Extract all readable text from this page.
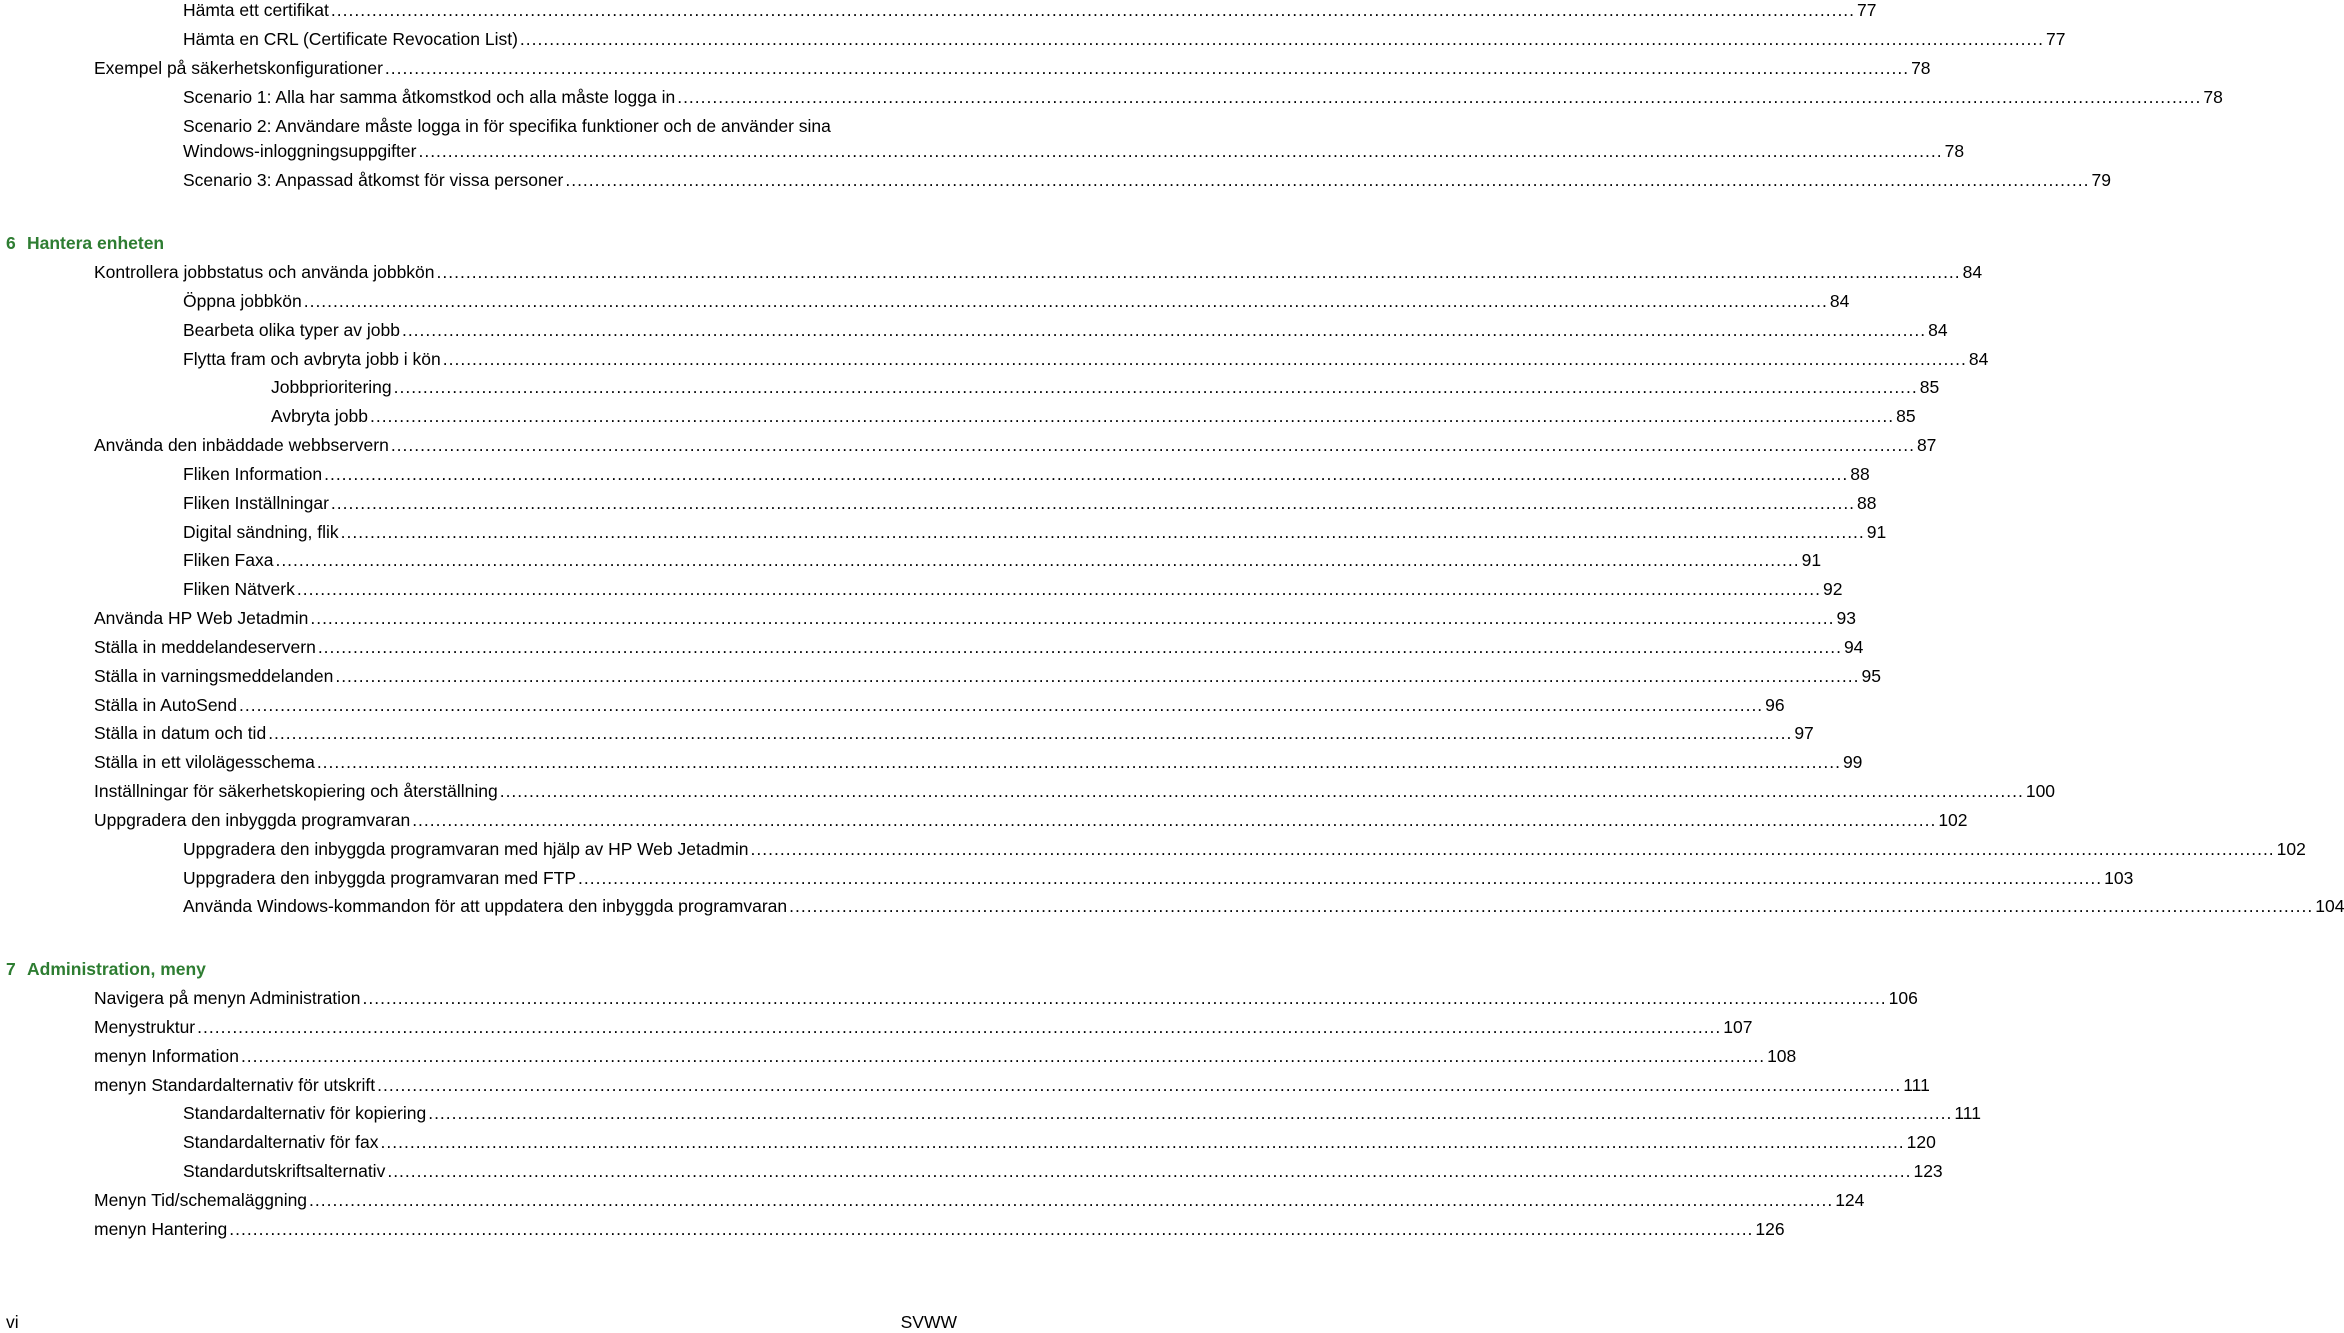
Hämta ett certifikat .....	77
Hämta en CRL (Certificate Revocation List) .....	77
Exempel på säkerhetskonfigurationer .....	78
Scenario 1: Alla har samma åtkomstkod och alla måste logga in .....	78
Scenario 2: Användare måste logga in för specifika funktioner och de använder sina
Windows-inloggningsuppgifter .....	78
Scenario 3: Anpassad åtkomst för vissa personer .....	79
6 Hantera enheten
Kontrollera jobbstatus och använda jobbkön .....	84
Öppna jobbkön .....	84
Bearbeta olika typer av jobb .....	84
Flytta fram och avbryta jobb i kön .....	84
Jobbprioritering .....	85
Avbryta jobb .....	85
Använda den inbäddade webbservern .....	87
Fliken Information .....	88
Fliken Inställningar .....	88
Digital sändning, flik .....	91
Fliken Faxa .....	91
Fliken Nätverk .....	92
Använda HP Web Jetadmin .....	93
Ställa in meddelandeservern .....	94
Ställa in varningsmeddelanden .....	95
Ställa in AutoSend .....	96
Ställa in datum och tid .....	97
Ställa in ett vilolägesschema .....	99
Inställningar för säkerhetskopiering och återställning .....	100
Uppgradera den inbyggda programvaran .....	102
Uppgradera den inbyggda programvaran med hjälp av HP Web Jetadmin .....	102
Uppgradera den inbyggda programvaran med FTP .....	103
Använda Windows-kommandon för att uppdatera den inbyggda programvaran .....	104
7 Administration, meny
Navigera på menyn Administration .....	106
Menystruktur .....	107
menyn Information .....	108
menyn Standardalternativ för utskrift .....	111
Standardalternativ för kopiering .....	111
Standardalternativ för fax .....	120
Standardutskriftsalternativ .....	123
Menyn Tid/schemaläggning .....	124
menyn Hantering .....	126
vi	SVWW
